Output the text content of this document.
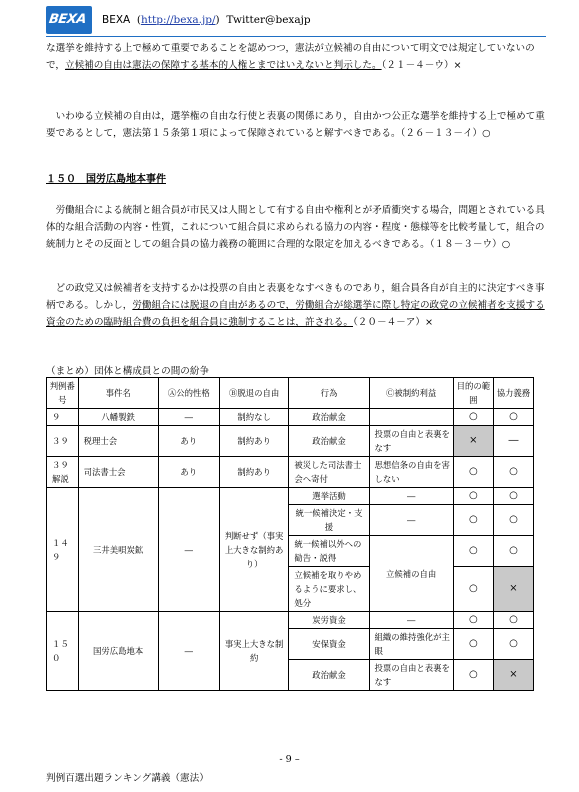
BEXA BEXA (http://bexa.jp/) Twitter@bexajp
な選挙を維持する上で極めて重要であることを認めつつ，憲法が立候補の自由について明文では規定していないので，立候補の自由は憲法の保障する基本的人権とまではいえないと判示した。（２１－４－ウ）×
いわゆる立候補の自由は，選挙権の自由な行使と表裏の関係にあり，自由かつ公正な選挙を維持する上で極めて重要であるとして，憲法第１５条第１項によって保障されていると解すべきである。（２６－１３－イ）○
１５０　国労広島地本事件
労働組合による統制と組合員が市民又は人間として有する自由や権利とが矛盾衝突する場合，問題とされている具体的な組合活動の内容・性質，これについて組合員に求められる協力の内容・程度・態様等を比較考量して，組合の統制力とその反面としての組合員の協力義務の範囲に合理的な限定を加えるべきである。（１８－３－ウ）○
どの政党又は候補者を支持するかは投票の自由と表裏をなすべきものであり，組合員各自が自主的に決定すべき事柄である。しかし，労働組合には脱退の自由があるので，労働組合が総選挙に際し特定の政党の立候補者を支援する資金のための臨時組合費の負担を組合員に強制することは，許される。（２０－４－ア）×
（まとめ）団体と構成員との間の紛争
判例番号	事件名	Ⓐ公的性格	Ⓑ脱退の自由	行為	Ⓒ被制約利益	目的の範囲	協力義務
９	八幡製鉄	―	制約なし	政治献金		○	○
３９	税理士会	あり	制約あり	政治献金	投票の自由と表裏をなす	×	―
３９解説	司法書士会	あり	制約あり	被災した司法書士会へ寄付	思想信条の自由を害しない	○	○
１４９	三井美唄炭鉱	―	判断せず（事実上大きな制約あり）	選挙活動	―	○	○
				統一候補決定・支援	―	○	○
				統一候補以外への勧告・説得	立候補の自由	○	○
				立候補を取りやめるように要求し、処分		○	×
１５０	国労広島地本	―	事実上大きな制約	炭労資金	―	○	○
				安保資金	組織の維持強化が主眼	○	○
				政治献金	投票の自由と表裏をなす	○	×
‐ 9 –
判例百選出題ランキング講義（憲法）
